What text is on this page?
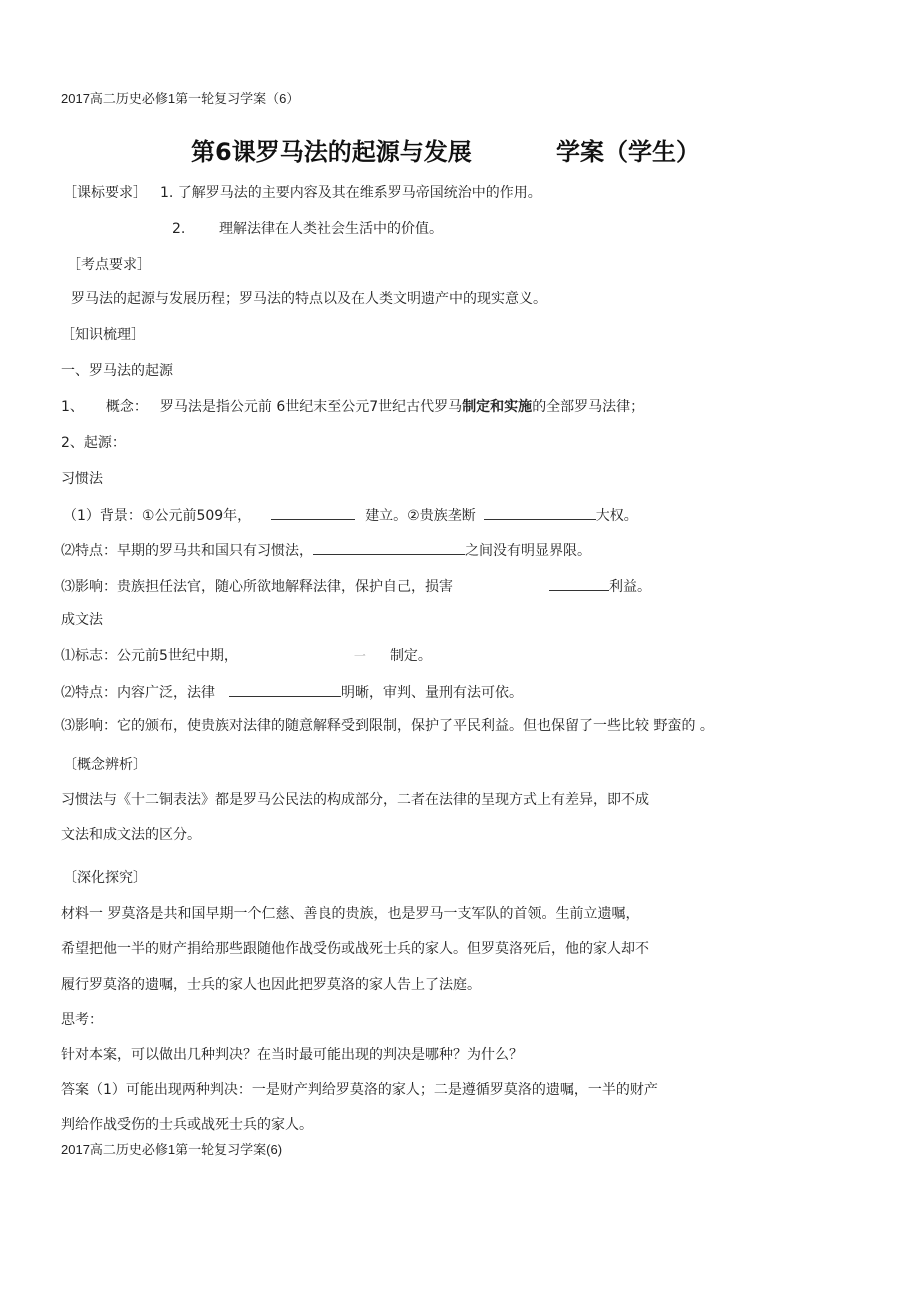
2017高二历史必修1第一轮复习学案（6）
第6课罗马法的起源与发展	学案（学生）
［课标要求］ 1. 了解罗马法的主要内容及其在维系罗马帝国统治中的作用。
2. 理解法律在人类社会生活中的价值。
［考点要求］
罗马法的起源与发展历程；罗马法的特点以及在人类文明遗产中的现实意义。
［知识梳理］
一、罗马法的起源
1、 概念： 罗马法是指公元前 6世纪末至公元7世纪古代罗马制定和实施的全部罗马法律；
2、起源：
习惯法
（1）背景：①公元前509年，	建立。②贵族垄断	大权。
⑵特点：早期的罗马共和国只有习惯法，	之间没有明显界限。
⑶影响：贵族担任法官，随心所欲地解释法律，保护自己，损害	利益。
成文法
⑴标志：公元前5世纪中期，	一 制定。
⑵特点：内容广泛，法律	明晰，审判、量刑有法可依。
⑶影响：它的颁布，使贵族对法律的随意解释受到限制，保护了平民利益。但也保留了一些比较 野蛮的 。
〔概念辨析〕
习惯法与《十二铜表法》都是罗马公民法的构成部分，二者在法律的呈现方式上有差异，即不成
文法和成文法的区分。
〔深化探究〕
材料一 罗莫洛是共和国早期一个仁慈、善良的贵族，也是罗马一支军队的首领。生前立遗嘱，
希望把他一半的财产捐给那些跟随他作战受伤或战死士兵的家人。但罗莫洛死后，他的家人却不
履行罗莫洛的遗嘱，士兵的家人也因此把罗莫洛的家人告上了法庭。
思考：
针对本案，可以做出几种判决？在当时最可能出现的判决是哪种？为什么？
答案（1）可能出现两种判决：一是财产判给罗莫洛的家人；二是遵循罗莫洛的遗嘱，一半的财产
判给作战受伤的士兵或战死士兵的家人。
2017高二历史必修1第一轮复习学案(6)
